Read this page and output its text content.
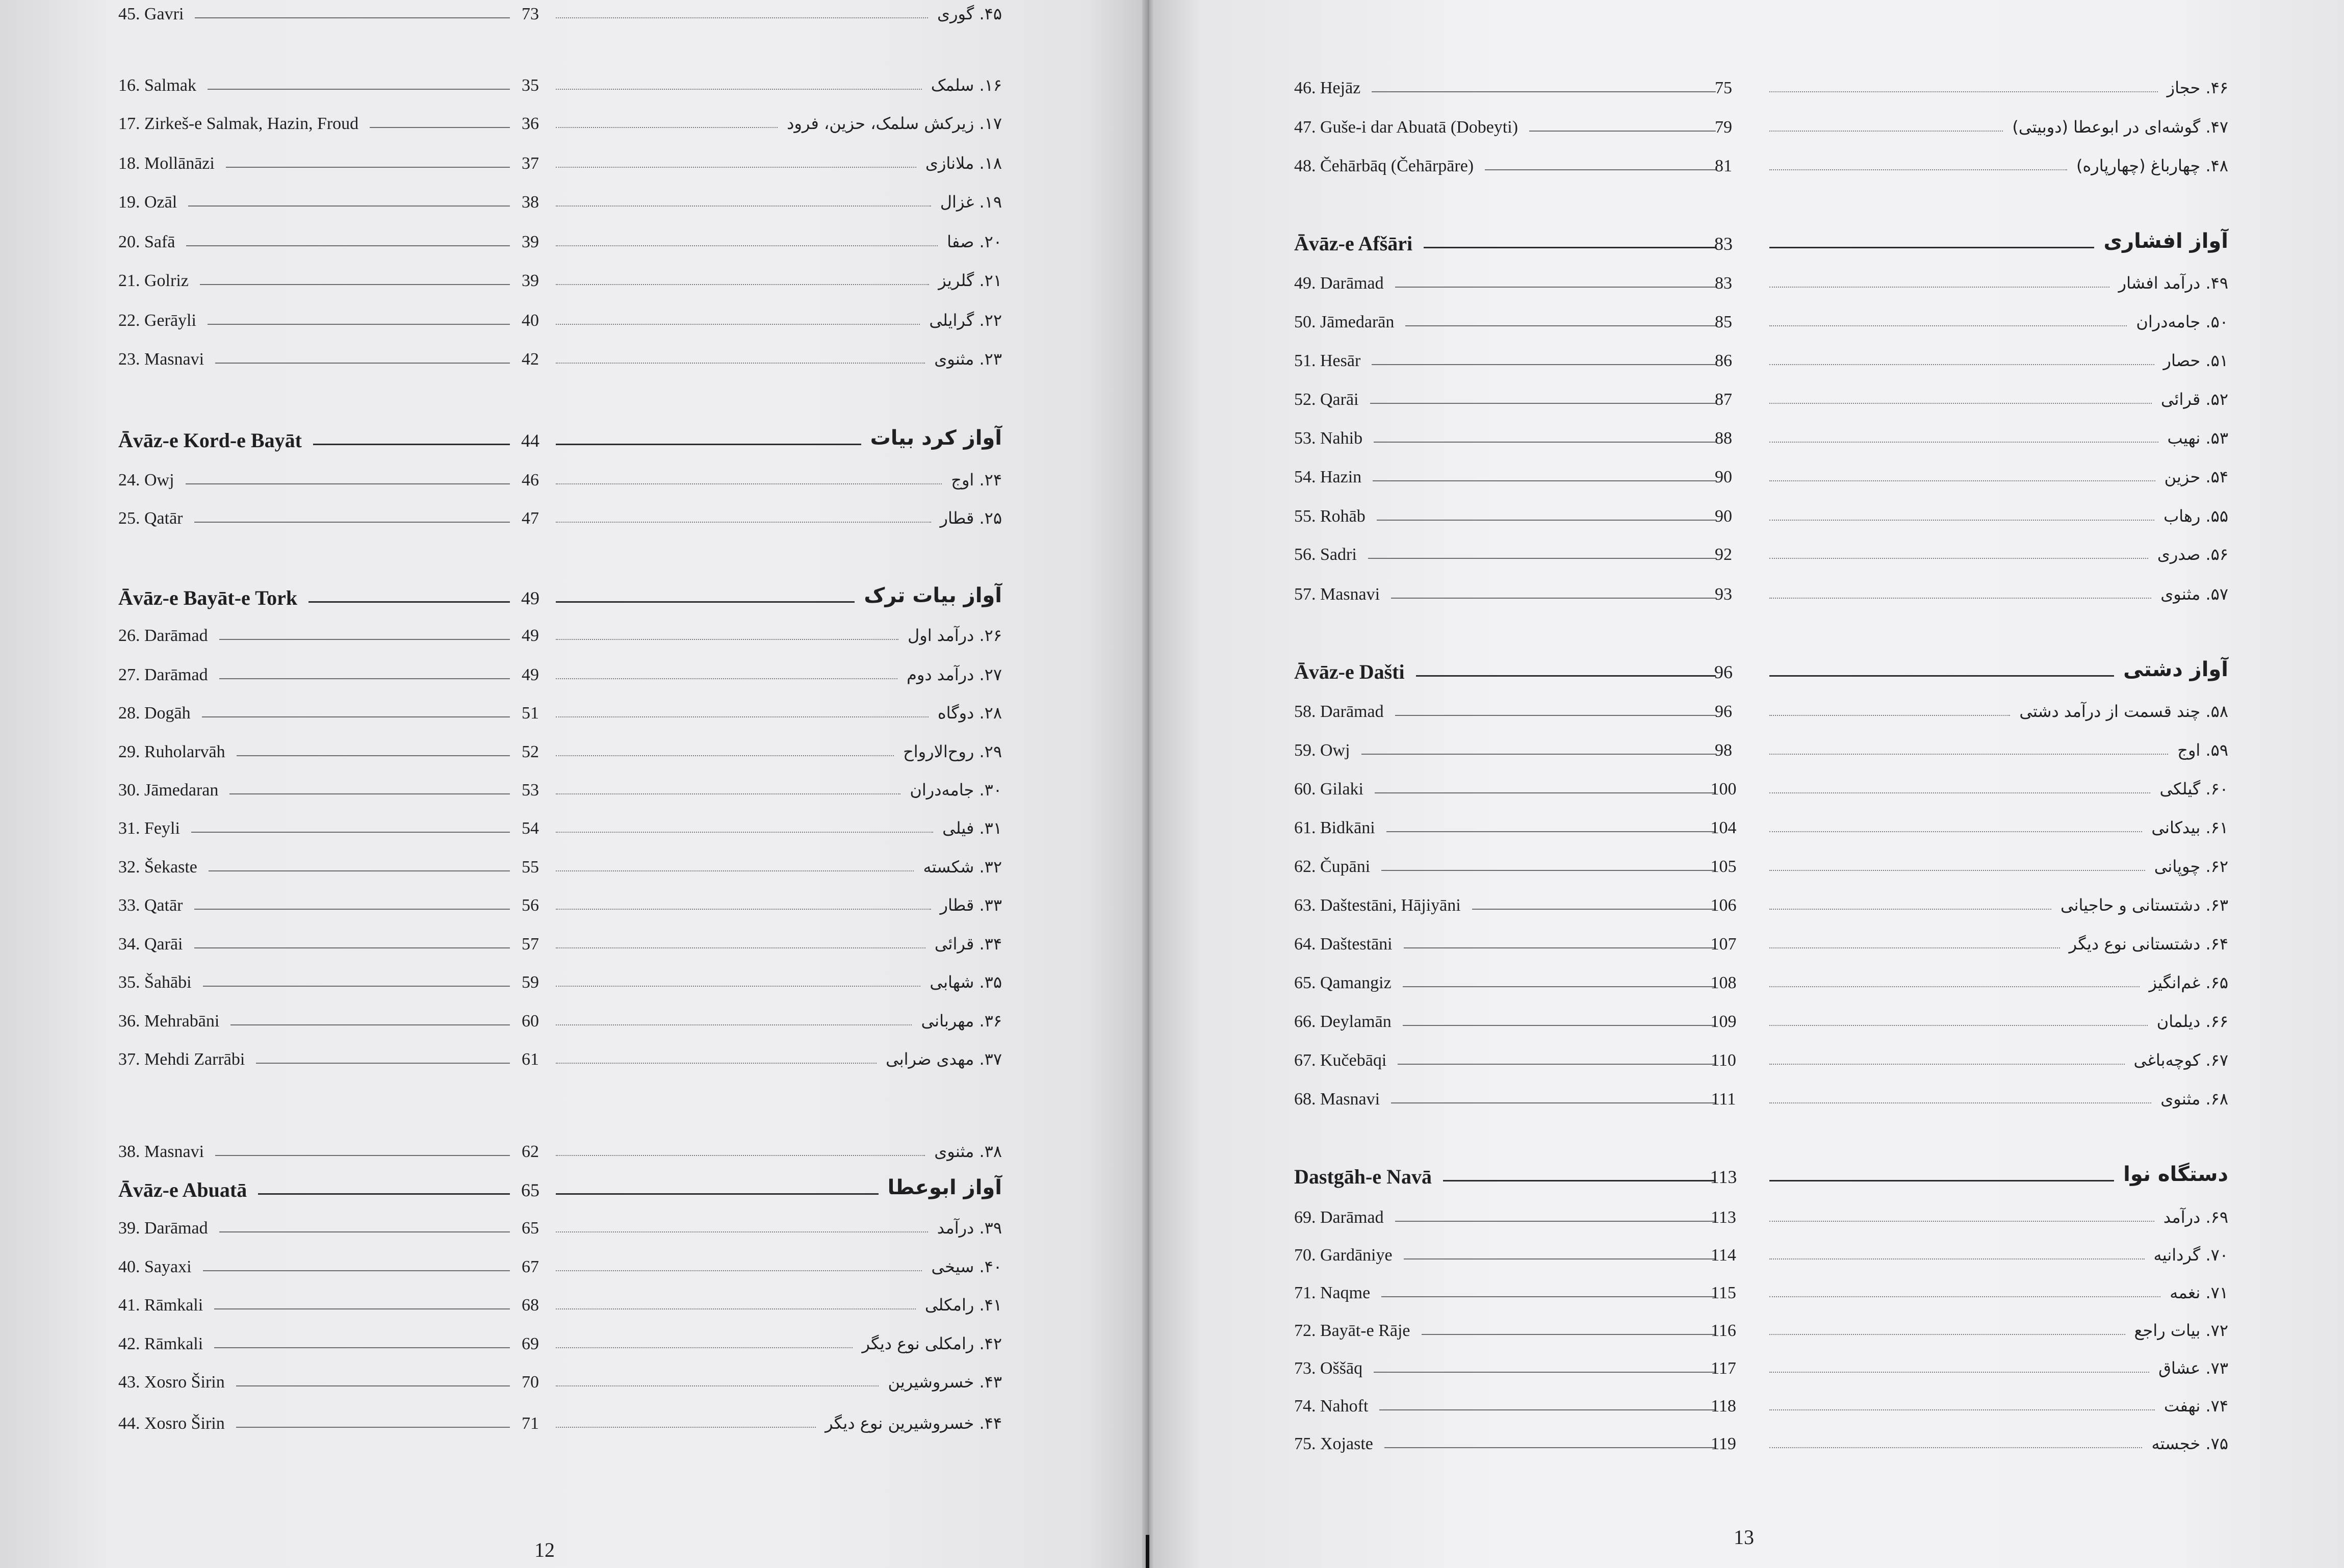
16. Salmak	35	۱۶. سلمک
17. Zirkeš-e Salmak, Hazin, Froud	36	۱۷. زیرکش سلمک، حزین، فرود
18. Mollānāzi	37	۱۸. ملانازی
19. Ozāl	38	۱۹. غزال
20. Safā	39	۲۰. صفا
21. Golriz	39	۲۱. گلریز
22. Gerāyli	40	۲۲. گرایلی
23. Masnavi	42	۲۳. مثنوی
Āvāz-e Kord-e Bayāt	44	آواز کرد بیات
24. Owj	46	۲۴. اوج
25. Qatār	47	۲۵. قطار
Āvāz-e Bayāt-e Tork	49	آواز بیات ترک
26. Darāmad	49	۲۶. درآمد اول
27. Darāmad	49	۲۷. درآمد دوم
28. Dogāh	51	۲۸. دوگاه
29. Ruholarvāh	52	۲۹. روح‌الارواح
30. Jāmedaran	53	۳۰. جامه‌دران
31. Feyli	54	۳۱. فیلی
32. Šekaste	55	۳۲. شکسته
33. Qatār	56	۳۳. قطار
34. Qarāi	57	۳۴. قرائی
35. Šahābi	59	۳۵. شهابی
36. Mehrabāni	60	۳۶. مهربانی
37. Mehdi Zarrābi	61	۳۷. مهدی ضرابی
38. Masnavi	62	۳۸. مثنوی
Āvāz-e Abuatā	65	آواز ابوعطا
39. Darāmad	65	۳۹. درآمد
40. Sayaxi	67	۴۰. سیخی
41. Rāmkali	68	۴۱. رامکلی
42. Rāmkali	69	۴۲. رامکلی نوع دیگر
43. Xosro Širin	70	۴۳. خسروشیرین
44. Xosro Širin	71	۴۴. خسروشیرین نوع دیگر
45. Gavri	73	۴۵. گوری
12
46. Hejāz	75	۴۶. حجاز
47. Guše-i dar Abuatā (Dobeyti)	79	۴۷. گوشه‌ای در ابوعطا (دوبیتی)
48. Čehārbāq (Čehārpāre)	81	۴۸. چهارباغ (چهارپاره)
Āvāz-e Afšāri	83	آواز افشاری
49. Darāmad	83	۴۹. درآمد افشار
50. Jāmedarān	85	۵۰. جامه‌دران
51. Hesār	86	۵۱. حصار
52. Qarāi	87	۵۲. قرائی
53. Nahib	88	۵۳. نهیب
54. Hazin	90	۵۴. حزین
55. Rohāb	90	۵۵. رهاب
56. Sadri	92	۵۶. صدری
57. Masnavi	93	۵۷. مثنوی
Āvāz-e Dašti	96	آواز دشتی
58. Darāmad	96	۵۸. چند قسمت از درآمد دشتی
59. Owj	98	۵۹. اوج
60. Gilaki	100	۶۰. گیلکی
61. Bidkāni	104	۶۱. بیدکانی
62. Čupāni	105	۶۲. چوپانی
63. Daštestāni, Hājiyāni	106	۶۳. دشتستانی و حاجیانی
64. Daštestāni	107	۶۴. دشتستانی نوع دیگر
65. Qamangiz	108	۶۵. غم‌انگیز
66. Deylamān	109	۶۶. دیلمان
67. Kučebāqi	110	۶۷. کوچه‌باغی
68. Masnavi	111	۶۸. مثنوی
Dastgāh-e Navā	113	دستگاه نوا
69. Darāmad	113	۶۹. درآمد
70. Gardāniye	114	۷۰. گردانیه
71. Naqme	115	۷۱. نغمه
72. Bayāt-e Rāje	116	۷۲. بیات راجع
73. Oššāq	117	۷۳. عشاق
74. Nahoft	118	۷۴. نهفت
75. Xojaste	119	۷۵. خجسته
13
